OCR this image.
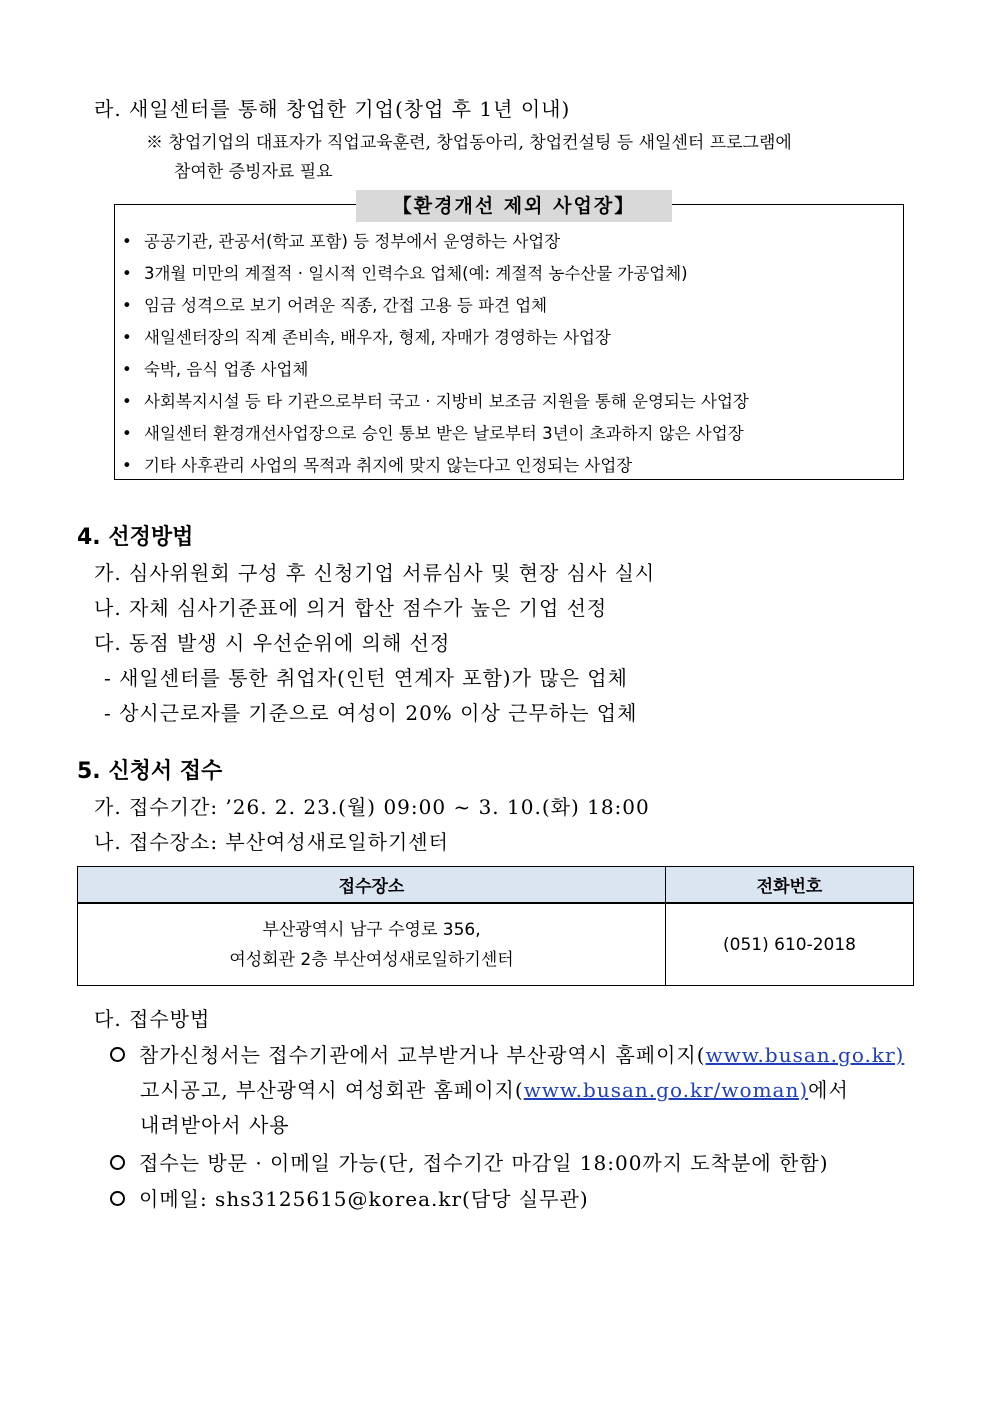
라. 새일센터를 통해 창업한 기업(창업 후 1년 이내)
※ 창업기업의 대표자가 직업교육훈련, 창업동아리, 창업컨설팅 등 새일센터 프로그램에
참여한 증빙자료 필요
【환경개선 제외 사업장】
• 공공기관, 관공서(학교 포함) 등 정부에서 운영하는 사업장
• 3개월 미만의 계절적 · 일시적 인력수요 업체(예: 계절적 농수산물 가공업체)
• 임금 성격으로 보기 어려운 직종, 간접 고용 등 파견 업체
• 새일센터장의 직계 존비속, 배우자, 형제, 자매가 경영하는 사업장
• 숙박, 음식 업종 사업체
• 사회복지시설 등 타 기관으로부터 국고 · 지방비 보조금 지원을 통해 운영되는 사업장
• 새일센터 환경개선사업장으로 승인 통보 받은 날로부터 3년이 초과하지 않은 사업장
• 기타 사후관리 사업의 목적과 취지에 맞지 않는다고 인정되는 사업장
4. 선정방법
가. 심사위원회 구성 후 신청기업 서류심사 및 현장 심사 실시
나. 자체 심사기준표에 의거 합산 점수가 높은 기업 선정
다. 동점 발생 시 우선순위에 의해 선정
- 새일센터를 통한 취업자(인턴 연계자 포함)가 많은 업체
- 상시근로자를 기준으로 여성이 20% 이상 근무하는 업체
5. 신청서 접수
가. 접수기간: ’26. 2. 23.(월) 09:00 ~ 3. 10.(화) 18:00
나. 접수장소: 부산여성새로일하기센터
접수장소	전화번호

부산광역시 남구 수영로 356,
여성회관 2층 부산여성새로일하기센터	(051) 610-2018
다. 접수방법
참가신청서는 접수기관에서 교부받거나 부산광역시 홈페이지(www.busan.go.kr)
고시공고, 부산광역시 여성회관 홈페이지(www.busan.go.kr/woman)에서
내려받아서 사용
접수는 방문 · 이메일 가능(단, 접수기간 마감일 18:00까지 도착분에 한함)
이메일: shs3125615@korea.kr(담당 실무관)
